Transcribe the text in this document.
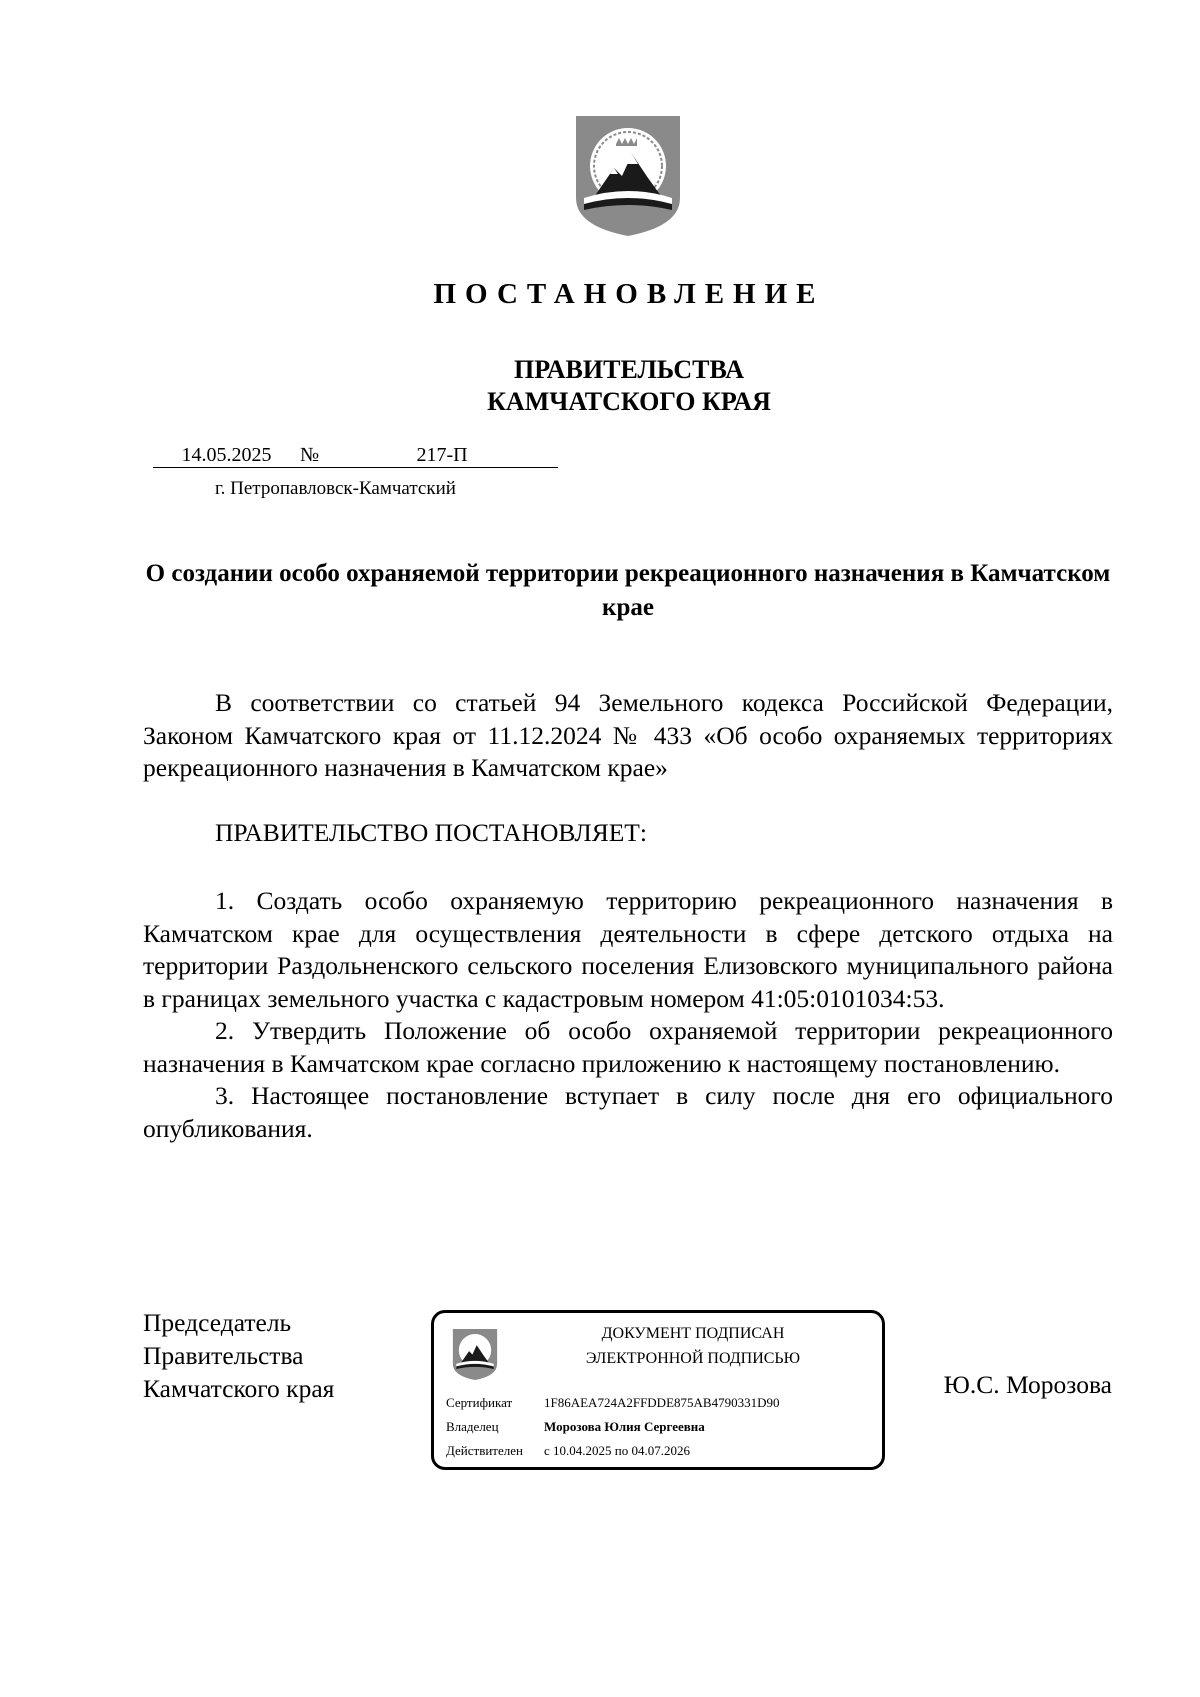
ПОСТАНОВЛЕНИЕ
ПРАВИТЕЛЬСТВА
КАМЧАТСКОГО КРАЯ
14.05.2025 №	217-П
г. Петропавловск-Камчатский
О создании особо охраняемой территории рекреационного назначения в Камчатском крае

В соответствии со статьей 94 Земельного кодекса Российской Федерации, Законом Камчатского края от 11.12.2024 № 433 «Об особо охраняемых территориях рекреационного назначения в Камчатском крае»

ПРАВИТЕЛЬСТВО ПОСТАНОВЛЯЕТ:

1. Создать особо охраняемую территорию рекреационного назначения в Камчатском крае для осуществления деятельности в сфере детского отдыха на территории Раздольненского сельского поселения Елизовского муниципального района в границах земельного участка с кадастровым номером 41:05:0101034:53.

2. Утвердить Положение об особо охраняемой территории рекреационного назначения в Камчатском крае согласно приложению к настоящему постановлению.

3. Настоящее постановление вступает в силу после дня его официального опубликования.

Председатель
Правительства
Камчатского края
ДОКУМЕНТ ПОДПИСАН
ЭЛЕКТРОННОЙ ПОДПИСЬЮ
Сертификат 1F86AEA724A2FFDDE875AB4790331D90
Владелец	Морозова Юлия Сергеевна
Действителен с 10.04.2025 по 04.07.2026
Ю.С. Морозова
